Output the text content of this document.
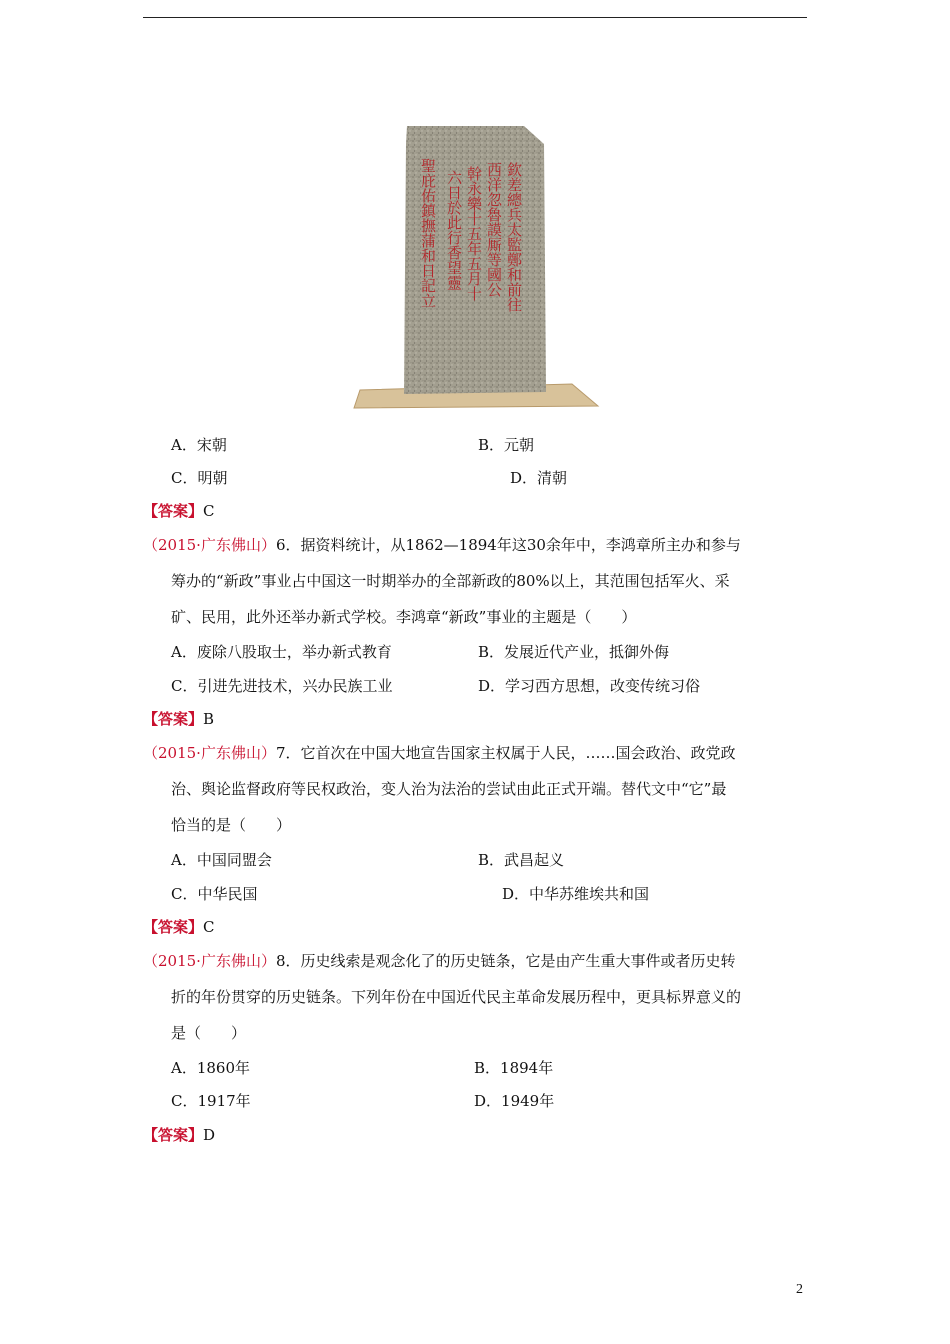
欽差總兵太監鄭和前往
西洋忽魯謨厮等國公
幹永樂十五年五月十
六日於此行香望靈
聖庇佑鎮撫蒲和日記立
A．宋朝	B．元朝
C．明朝	D．清朝
【答案】C
（2015·广东佛山）6．据资料统计，从1862—1894年这30余年中，李鸿章所主办和参与
筹办的“新政”事业占中国这一时期举办的全部新政的80%以上，其范围包括军火、采
矿、民用，此外还举办新式学校。李鸿章“新政”事业的主题是（　　）
A．废除八股取士，举办新式教育	B．发展近代产业，抵御外侮
C．引进先进技术，兴办民族工业	D．学习西方思想，改变传统习俗
【答案】B
（2015·广东佛山）7．它首次在中国大地宣告国家主权属于人民，……国会政治、政党政
治、舆论监督政府等民权政治，变人治为法治的尝试由此正式开端。替代文中“它”最
恰当的是（　　）
A．中国同盟会	B．武昌起义
C．中华民国	D．中华苏维埃共和国
【答案】C
（2015·广东佛山）8．历史线索是观念化了的历史链条，它是由产生重大事件或者历史转
折的年份贯穿的历史链条。下列年份在中国近代民主革命发展历程中，更具标界意义的
是（　　）
A．1860年	B．1894年
C．1917年	D．1949年
【答案】D
2
